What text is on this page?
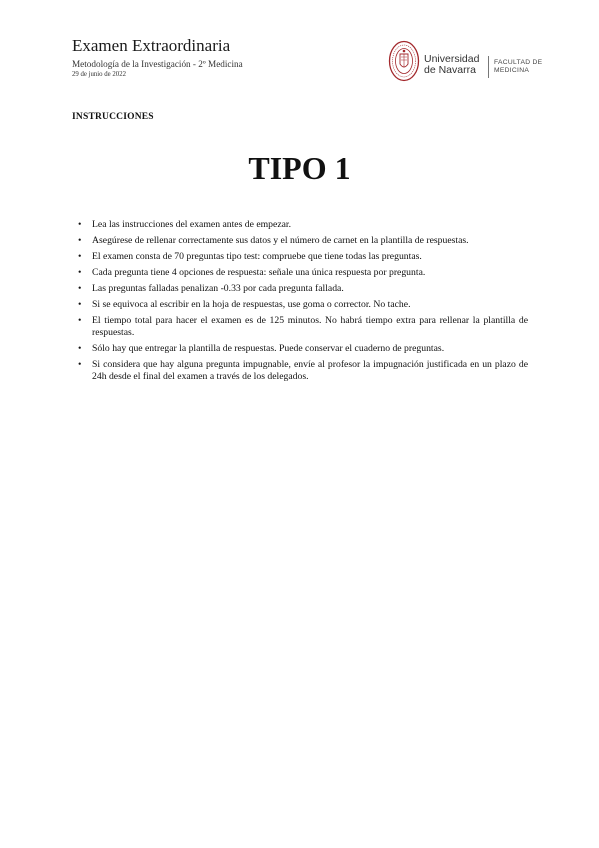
Examen Extraordinaria
Metodología de la Investigación - 2º Medicina
29 de junio de 2022
Universidad
de Navarra
FACULTAD DE
MEDICINA
INSTRUCCIONES
TIPO 1
• Lea las instrucciones del examen antes de empezar.
• Asegúrese de rellenar correctamente sus datos y el número de carnet en la plantilla de respuestas.
• El examen consta de 70 preguntas tipo test: compruebe que tiene todas las preguntas.
• Cada pregunta tiene 4 opciones de respuesta: señale una única respuesta por pregunta.
• Las preguntas falladas penalizan -0.33 por cada pregunta fallada.
• Si se equivoca al escribir en la hoja de respuestas, use goma o corrector. No tache.
• El tiempo total para hacer el examen es de 125 minutos. No habrá tiempo extra para rellenar la plantilla de respuestas.
• Sólo hay que entregar la plantilla de respuestas. Puede conservar el cuaderno de preguntas.
• Si considera que hay alguna pregunta impugnable, envíe al profesor la impugnación justificada en un plazo de 24h desde el final del examen a través de los delegados.
